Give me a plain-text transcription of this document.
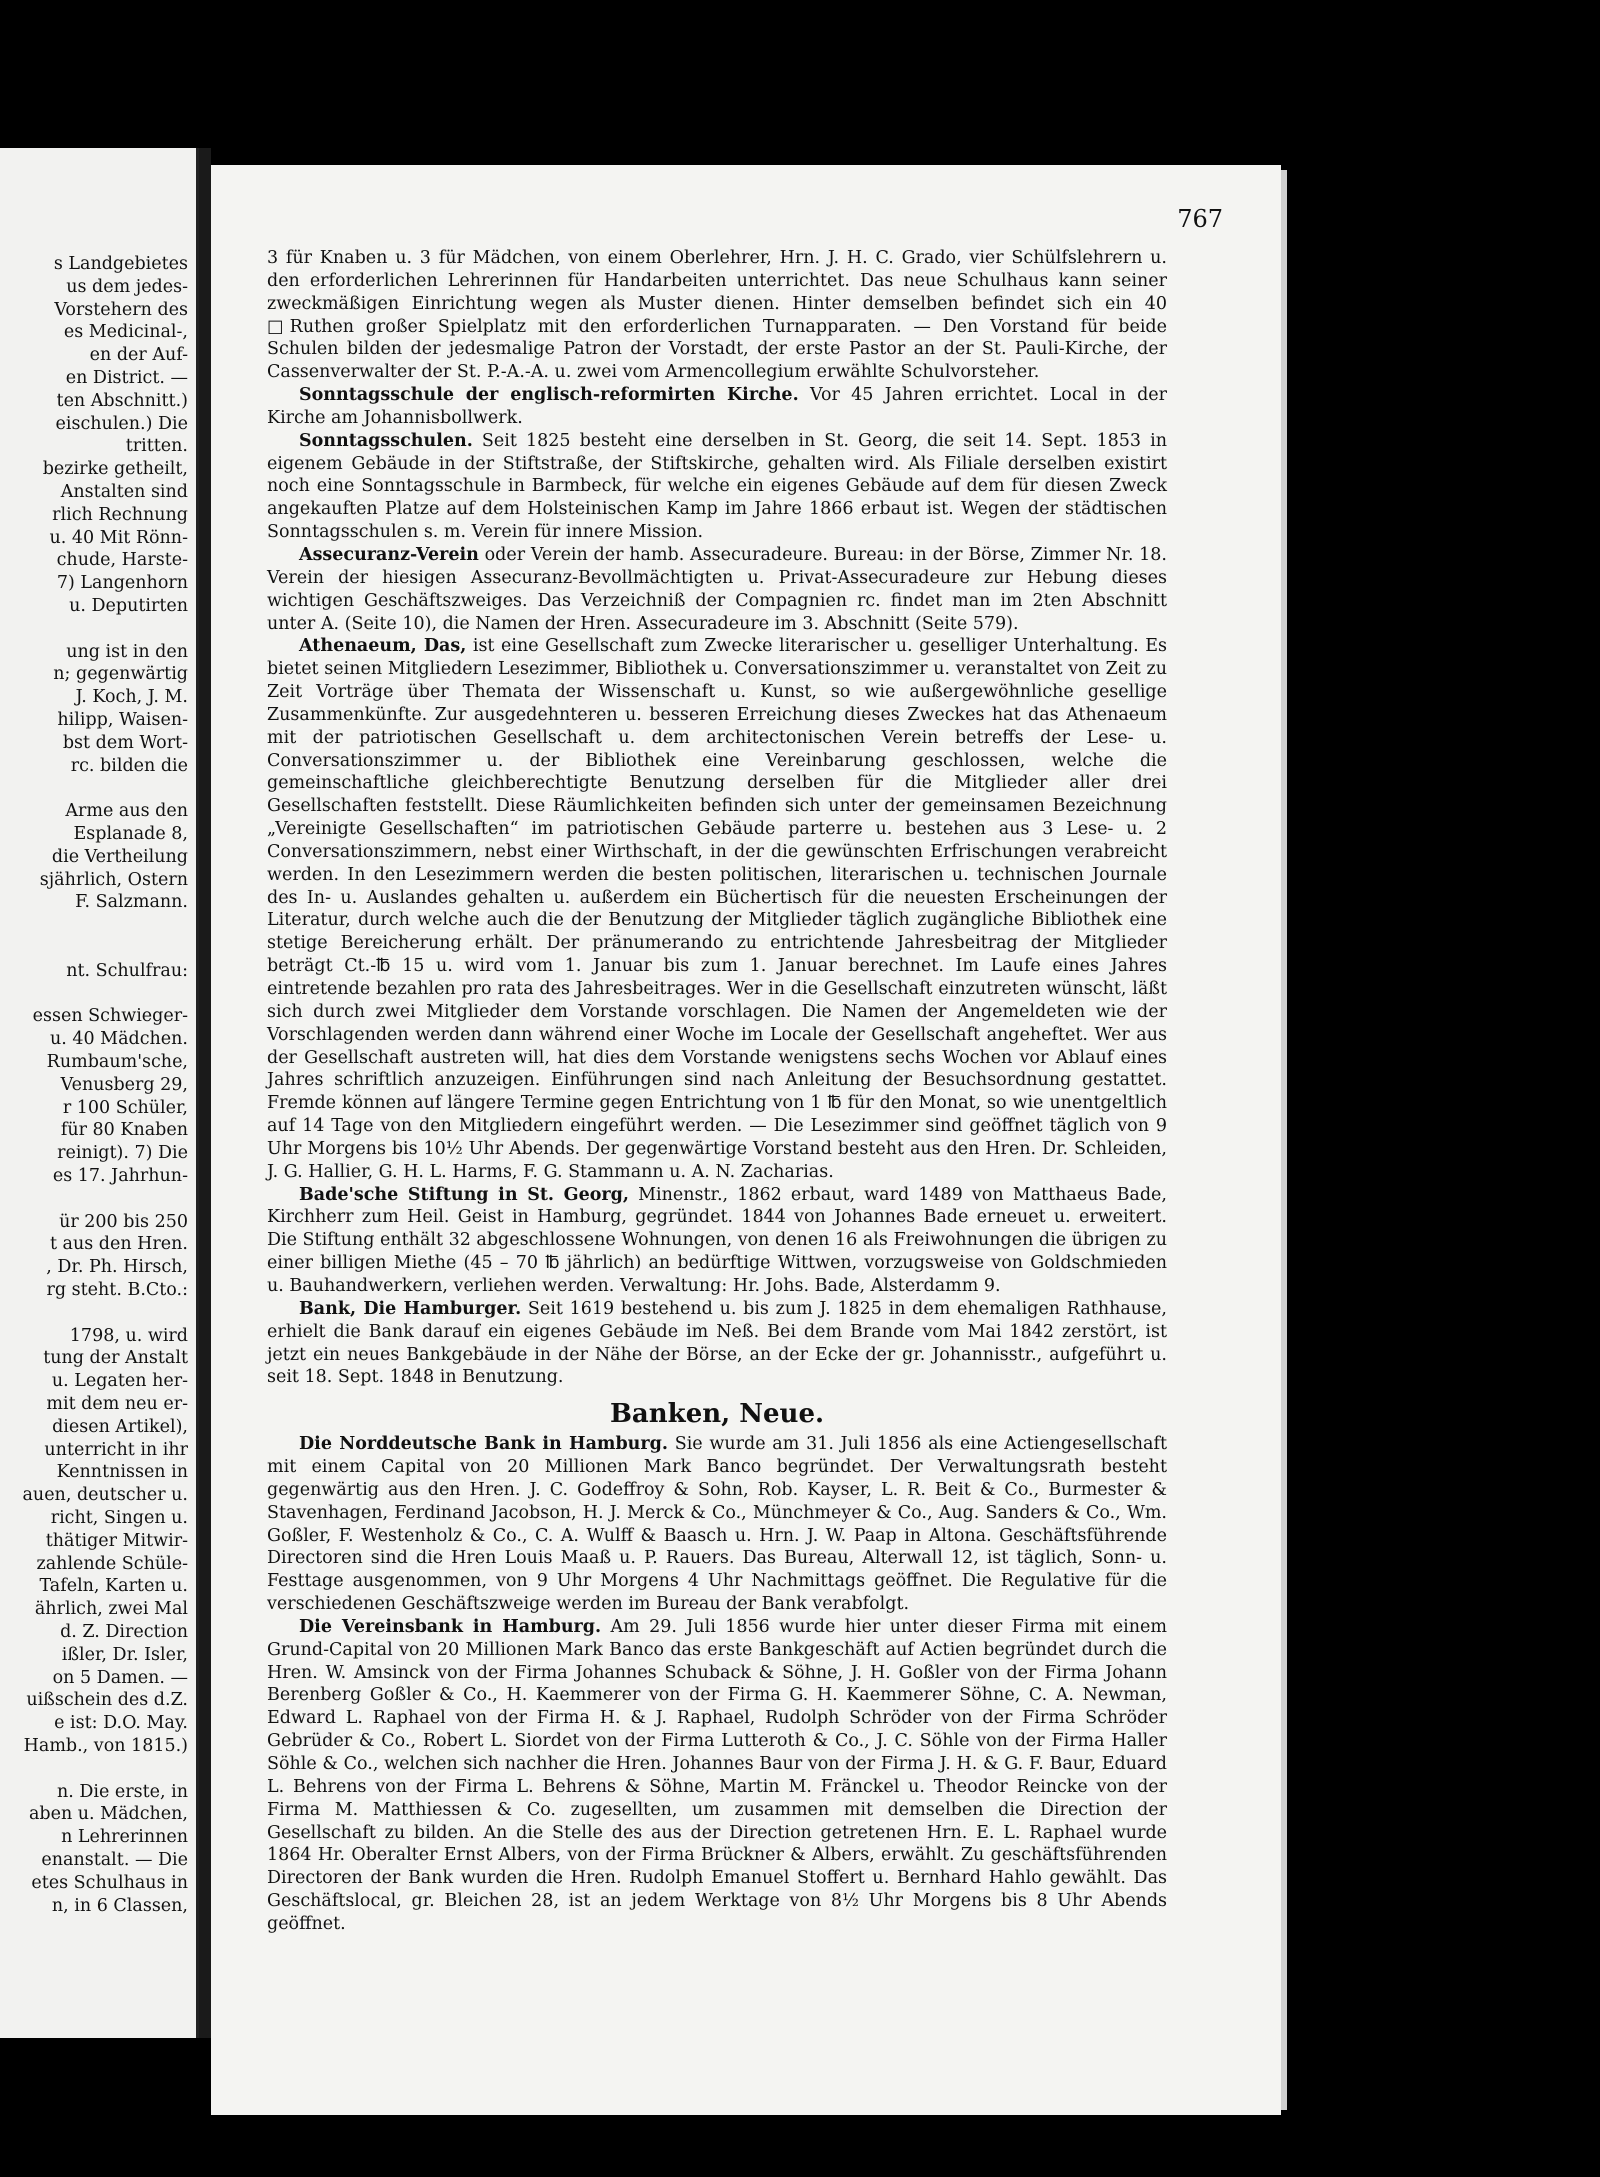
s Landgebietes
us dem jedes-
Vorstehern des
es Medicinal-,
en der Auf-
en District. —
ten Abschnitt.)
eischulen.) Die
tritten.
bezirke getheilt,
Anstalten sind
rlich Rechnung
u. 40 Mit Rönn-
chude, Harste-
7) Langenhorn
u. Deputirten
ung ist in den
n; gegenwärtig
J. Koch, J. M.
hilipp, Waisen-
bst dem Wort-
rc. bilden die
Arme aus den
Esplanade 8,
die Vertheilung
sjährlich, Ostern
F. Salzmann.
nt. Schulfrau:
essen Schwieger-
u. 40 Mädchen.
Rumbaum'sche,
Venusberg 29,
r 100 Schüler,
für 80 Knaben
reinigt). 7) Die
es 17. Jahrhun-
ür 200 bis 250
t aus den Hren.
, Dr. Ph. Hirsch,
rg steht. B.Cto.:
1798, u. wird
tung der Anstalt
u. Legaten her-
mit dem neu er-
diesen Artikel),
unterricht in ihr
Kenntnissen in
auen, deutscher u.
richt, Singen u.
thätiger Mitwir-
zahlende Schüle-
Tafeln, Karten u.
ährlich, zwei Mal
d. Z. Direction
ißler, Dr. Isler,
on 5 Damen. —
uißschein des d.Z.
e ist: D.O. May.
Hamb., von 1815.)
n. Die erste, in
aben u. Mädchen,
n Lehrerinnen
enanstalt. — Die
etes Schulhaus in
n, in 6 Classen,
767

3 für Knaben u. 3 für Mädchen, von einem Oberlehrer, Hrn. J. H. C. Grado, vier Schülfslehrern u. den erforderlichen Lehrerinnen für Handarbeiten unterrichtet. Das neue Schulhaus kann seiner zweckmäßigen Einrichtung wegen als Muster dienen. Hinter demselben befindet sich ein 40 □Ruthen großer Spielplatz mit den erforderlichen Turnapparaten. — Den Vorstand für beide Schulen bilden der jedesmalige Patron der Vorstadt, der erste Pastor an der St. Pauli-Kirche, der Cassenverwalter der St. P.-A.-A. u. zwei vom Armencollegium erwählte Schulvorsteher.

Sonntagsschule der englisch-reformirten Kirche. Vor 45 Jahren errichtet. Local in der Kirche am Johannisbollwerk.

Sonntagsschulen. Seit 1825 besteht eine derselben in St. Georg, die seit 14. Sept. 1853 in eigenem Gebäude in der Stiftstraße, der Stiftskirche, gehalten wird. Als Filiale derselben existirt noch eine Sonntagsschule in Barmbeck, für welche ein eigenes Gebäude auf dem für diesen Zweck angekauften Platze auf dem Holsteinischen Kamp im Jahre 1866 erbaut ist. Wegen der städtischen Sonntagsschulen s. m. Verein für innere Mission.

Assecuranz-Verein oder Verein der hamb. Assecuradeure. Bureau: in der Börse, Zimmer Nr. 18. Verein der hiesigen Assecuranz-Bevollmächtigten u. Privat-Assecuradeure zur Hebung dieses wichtigen Geschäftszweiges. Das Verzeichniß der Compagnien rc. findet man im 2ten Abschnitt unter A. (Seite 10), die Namen der Hren. Assecuradeure im 3. Abschnitt (Seite 579).

Athenaeum, Das, ist eine Gesellschaft zum Zwecke literarischer u. geselliger Unterhaltung. Es bietet seinen Mitgliedern Lesezimmer, Bibliothek u. Conversationszimmer u. veranstaltet von Zeit zu Zeit Vorträge über Themata der Wissenschaft u. Kunst, so wie außergewöhnliche gesellige Zusammenkünfte. Zur ausgedehnteren u. besseren Erreichung dieses Zweckes hat das Athenaeum mit der patriotischen Gesellschaft u. dem architectonischen Verein betreffs der Lese- u. Conversationszimmer u. der Bibliothek eine Vereinbarung geschlossen, welche die gemeinschaftliche gleichberechtigte Benutzung derselben für die Mitglieder aller drei Gesellschaften feststellt. Diese Räumlichkeiten befinden sich unter der gemeinsamen Bezeichnung „Vereinigte Gesellschaften“ im patriotischen Gebäude parterre u. bestehen aus 3 Lese- u. 2 Conversationszimmern, nebst einer Wirthschaft, in der die gewünschten Erfrischungen verabreicht werden. In den Lesezimmern werden die besten politischen, literarischen u. technischen Journale des In- u. Auslandes gehalten u. außerdem ein Büchertisch für die neuesten Erscheinungen der Literatur, durch welche auch die der Benutzung der Mitglieder täglich zugängliche Bibliothek eine stetige Bereicherung erhält. Der pränumerando zu entrichtende Jahresbeitrag der Mitglieder beträgt Ct.-℔ 15 u. wird vom 1. Januar bis zum 1. Januar berechnet. Im Laufe eines Jahres eintretende bezahlen pro rata des Jahresbeitrages. Wer in die Gesellschaft einzutreten wünscht, läßt sich durch zwei Mitglieder dem Vorstande vorschlagen. Die Namen der Angemeldeten wie der Vorschlagenden werden dann während einer Woche im Locale der Gesellschaft angeheftet. Wer aus der Gesellschaft austreten will, hat dies dem Vorstande wenigstens sechs Wochen vor Ablauf eines Jahres schriftlich anzuzeigen. Einführungen sind nach Anleitung der Besuchsordnung gestattet. Fremde können auf längere Termine gegen Entrichtung von 1 ℔ für den Monat, so wie unentgeltlich auf 14 Tage von den Mitgliedern eingeführt werden. — Die Lesezimmer sind geöffnet täglich von 9 Uhr Morgens bis 10½ Uhr Abends. Der gegenwärtige Vorstand besteht aus den Hren. Dr. Schleiden, J. G. Hallier, G. H. L. Harms, F. G. Stammann u. A. N. Zacharias.

Bade'sche Stiftung in St. Georg, Minenstr., 1862 erbaut, ward 1489 von Matthaeus Bade, Kirchherr zum Heil. Geist in Hamburg, gegründet. 1844 von Johannes Bade erneuet u. erweitert. Die Stiftung enthält 32 abgeschlossene Wohnungen, von denen 16 als Freiwohnungen die übrigen zu einer billigen Miethe (45 – 70 ℔ jährlich) an bedürftige Wittwen, vorzugsweise von Goldschmieden u. Bauhandwerkern, verliehen werden. Verwaltung: Hr. Johs. Bade, Alsterdamm 9.

Bank, Die Hamburger. Seit 1619 bestehend u. bis zum J. 1825 in dem ehemaligen Rathhause, erhielt die Bank darauf ein eigenes Gebäude im Neß. Bei dem Brande vom Mai 1842 zerstört, ist jetzt ein neues Bankgebäude in der Nähe der Börse, an der Ecke der gr. Johannisstr., aufgeführt u. seit 18. Sept. 1848 in Benutzung.

Banken, Neue.

Die Norddeutsche Bank in Hamburg. Sie wurde am 31. Juli 1856 als eine Actiengesellschaft mit einem Capital von 20 Millionen Mark Banco begründet. Der Verwaltungsrath besteht gegenwärtig aus den Hren. J. C. Godeffroy & Sohn, Rob. Kayser, L. R. Beit & Co., Burmester & Stavenhagen, Ferdinand Jacobson, H. J. Merck & Co., Münchmeyer & Co., Aug. Sanders & Co., Wm. Goßler, F. Westenholz & Co., C. A. Wulff & Baasch u. Hrn. J. W. Paap in Altona. Geschäftsführende Directoren sind die Hren Louis Maaß u. P. Rauers. Das Bureau, Alterwall 12, ist täglich, Sonn- u. Festtage ausgenommen, von 9 Uhr Morgens 4 Uhr Nachmittags geöffnet. Die Regulative für die verschiedenen Geschäftszweige werden im Bureau der Bank verabfolgt.

Die Vereinsbank in Hamburg. Am 29. Juli 1856 wurde hier unter dieser Firma mit einem Grund-Capital von 20 Millionen Mark Banco das erste Bankgeschäft auf Actien begründet durch die Hren. W. Amsinck von der Firma Johannes Schuback & Söhne, J. H. Goßler von der Firma Johann Berenberg Goßler & Co., H. Kaemmerer von der Firma G. H. Kaemmerer Söhne, C. A. Newman, Edward L. Raphael von der Firma H. & J. Raphael, Rudolph Schröder von der Firma Schröder Gebrüder & Co., Robert L. Siordet von der Firma Lutteroth & Co., J. C. Söhle von der Firma Haller Söhle & Co., welchen sich nachher die Hren. Johannes Baur von der Firma J. H. & G. F. Baur, Eduard L. Behrens von der Firma L. Behrens & Söhne, Martin M. Fränckel u. Theodor Reincke von der Firma M. Matthiessen & Co. zugesellten, um zusammen mit demselben die Direction der Gesellschaft zu bilden. An die Stelle des aus der Direction getretenen Hrn. E. L. Raphael wurde 1864 Hr. Oberalter Ernst Albers, von der Firma Brückner & Albers, erwählt. Zu geschäftsführenden Directoren der Bank wurden die Hren. Rudolph Emanuel Stoffert u. Bernhard Hahlo gewählt. Das Geschäftslocal, gr. Bleichen 28, ist an jedem Werktage von 8½ Uhr Morgens bis 8 Uhr Abends geöffnet.
